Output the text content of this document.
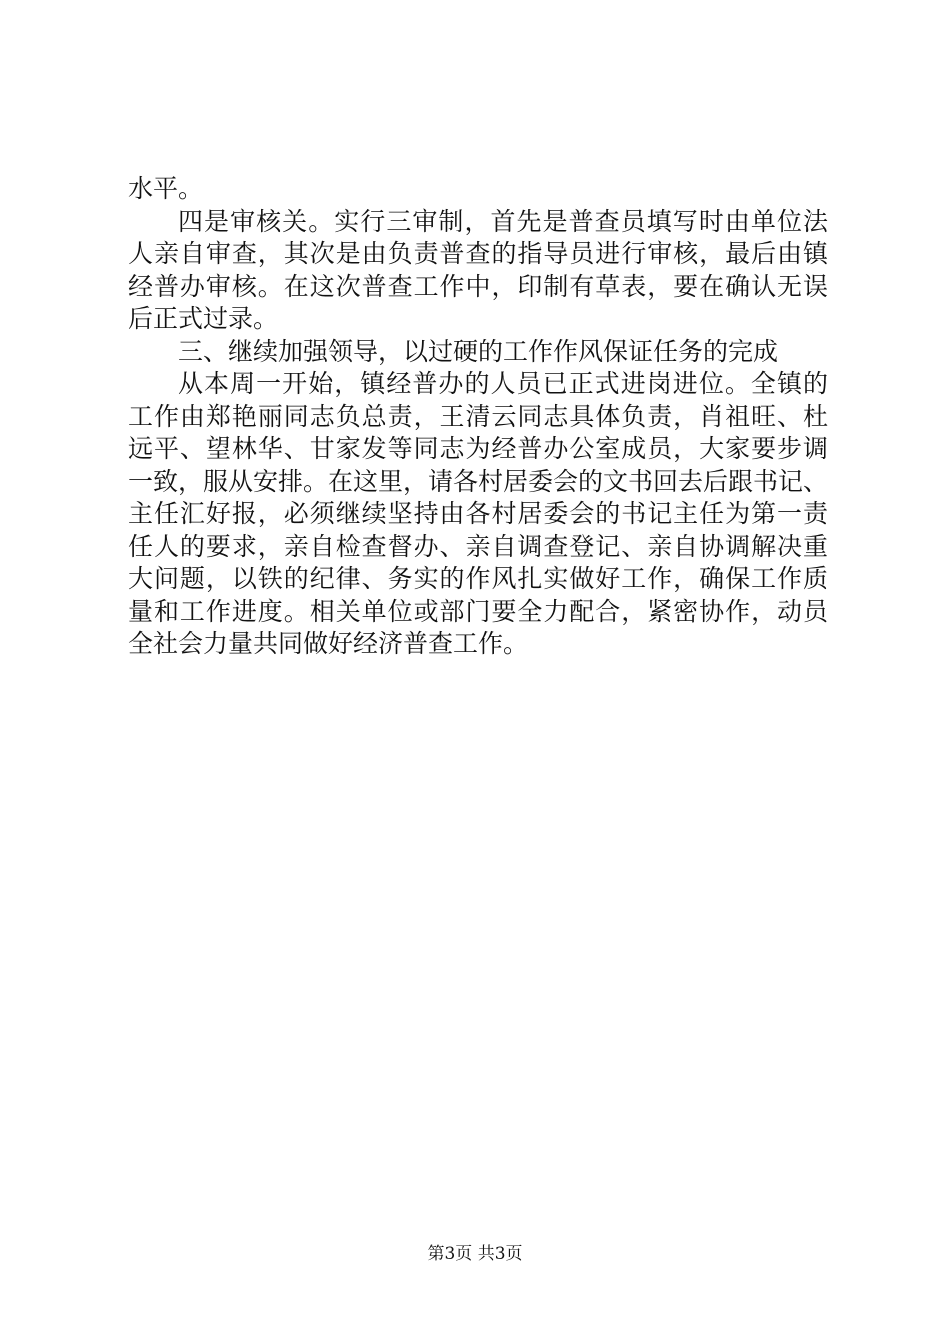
水平。
四是审核关。实行三审制，首先是普查员填写时由单位法
人亲自审查，其次是由负责普查的指导员进行审核，最后由镇
经普办审核。在这次普查工作中，印制有草表，要在确认无误
后正式过录。
三、继续加强领导，以过硬的工作作风保证任务的完成
从本周一开始，镇经普办的人员已正式进岗进位。全镇的
工作由郑艳丽同志负总责，王清云同志具体负责，肖祖旺、杜
远平、望林华、甘家发等同志为经普办公室成员，大家要步调
一致，服从安排。在这里，请各村居委会的文书回去后跟书记、
主任汇好报，必须继续坚持由各村居委会的书记主任为第一责
任人的要求，亲自检查督办、亲自调查登记、亲自协调解决重
大问题，以铁的纪律、务实的作风扎实做好工作，确保工作质
量和工作进度。相关单位或部门要全力配合，紧密协作，动员
全社会力量共同做好经济普查工作。
第3页 共3页
